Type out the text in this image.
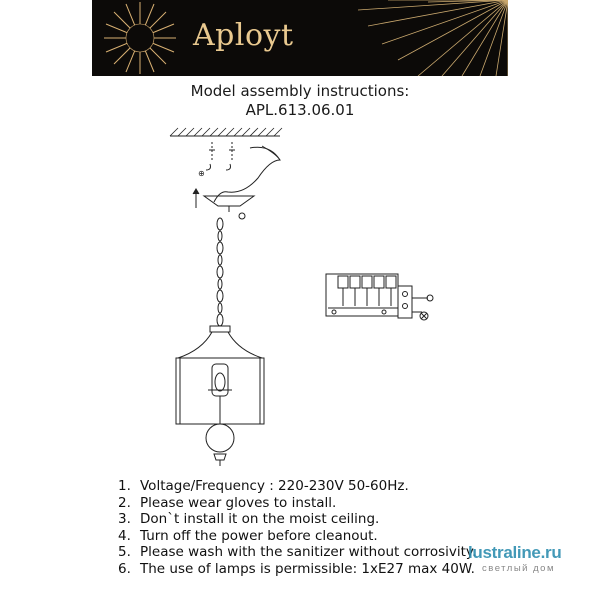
Aployt
Model assembly instructions:
APL.613.06.01
⊕
1. Voltage/Frequency : 220-230V 50-60Hz.
2. Please wear gloves to install.
3. Don`t install it on the moist ceiling.
4. Turn off the power before cleanout.
5. Please wash with the sanitizer without corrosivity.
6. The use of lamps is permissible: 1xE27 max 40W.
lustraline.ru
светлый дом
